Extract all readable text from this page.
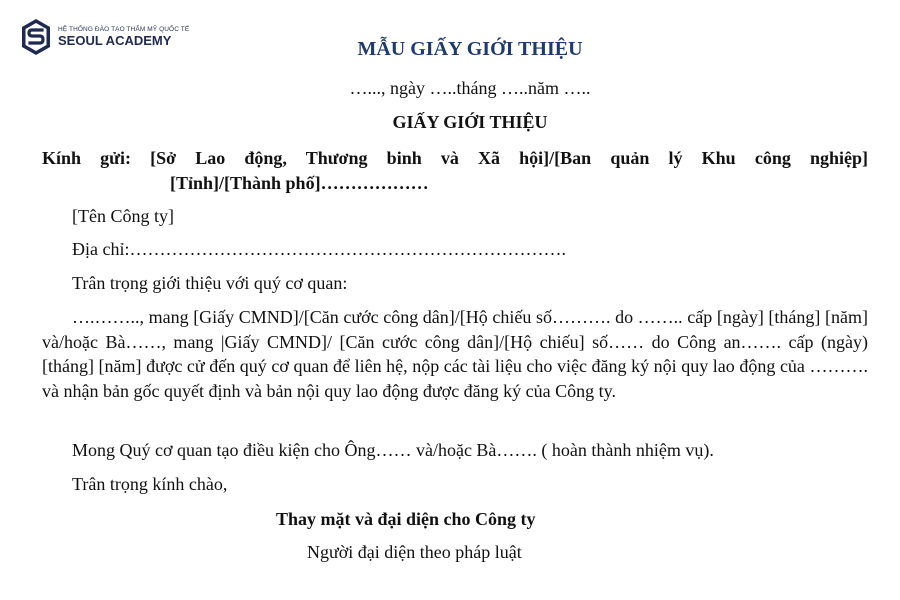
HỆ THỐNG ĐÀO TẠO THẨM MỸ QUỐC TẾ
SEOUL ACADEMY	MẪU GIẤY GIỚI THIỆU
…..., ngày …..tháng …..năm …..
GIẤY GIỚI THIỆU
Kính gửi: [Sở Lao động, Thương binh và Xã hội]/[Ban quản lý Khu công nghiệp]
[Tỉnh]/[Thành phố]………………
[Tên Công ty]
Địa chỉ:……………………………………………………………….
Trân trọng giới thiệu với quý cơ quan:
….…….., mang [Giấy CMND]/[Căn cước công dân]/[Hộ chiếu số………. do …….. cấp [ngày] [tháng] [năm] và/hoặc Bà……, mang |Giấy CMND]/ [Căn cước công dân]/[Hộ chiếu] số…… do Công an……. cấp (ngày) [tháng] [năm] được cử đến quý cơ quan để liên hệ, nộp các tài liệu cho việc đăng ký nội quy lao động của ………. và nhận bản gốc quyết định và bản nội quy lao động được đăng ký của Công ty.
Mong Quý cơ quan tạo điều kiện cho Ông…… và/hoặc Bà……. ( hoàn thành nhiệm vụ).
Trân trọng kính chào,
Thay mặt và đại diện cho Công ty
Người đại diện theo pháp luật
